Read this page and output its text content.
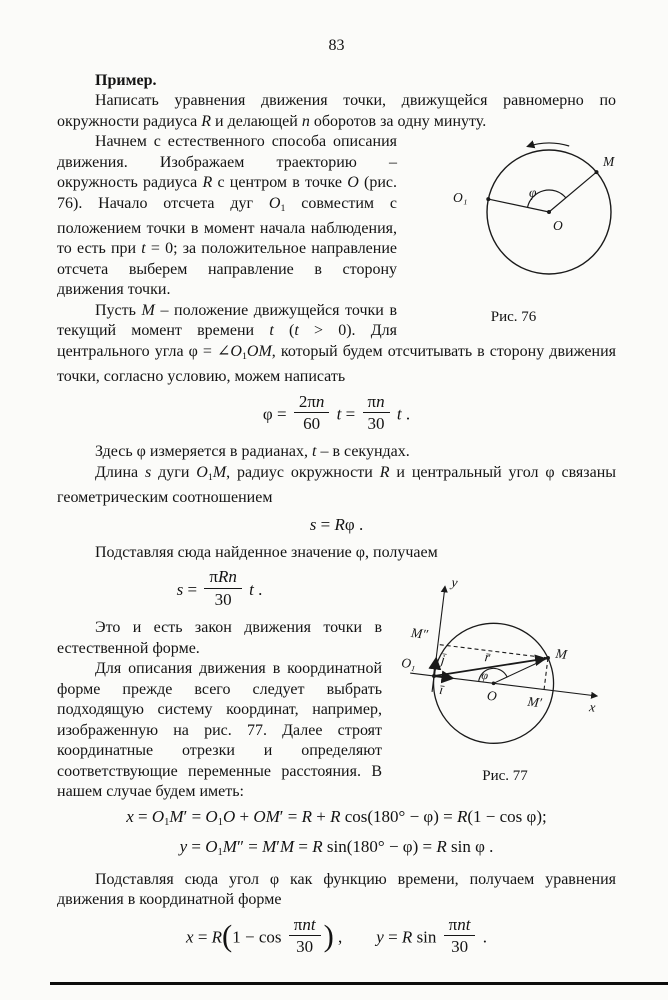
83
Пример.
Написать уравнения движения точки, движущейся равномерно по окружности радиуса R и делающей n оборотов за одну минуту.
O₁
M
O
φ
Рис. 76
Начнем с естественного способа описания движения. Изображаем траекторию – окружность радиуса R с центром в точке O (рис. 76). Начало отсчета дуг O1 совместим с положением точки в момент начала наблюдения, то есть при t = 0; за положительное направление отсчета выберем направление в сторону движения точки.
Пусть M – положение движущейся точки в текущий момент времени t (t > 0). Для центрального угла φ = ∠O1OM, который будем отсчитывать в сторону движения точки, согласно условию, можем написать
$\varphi = \frac{2\pi n}{60}$ $t = \frac{\pi n}{30}$ t .
Здесь φ измеряется в радианах, t – в секундах.
Длина s дуги O1M, радиус окружности R и центральный угол φ связаны геометрическим соотношением
s = Rφ .
Подставляя сюда найденное значение φ, получаем
y
x
M″
M
O₁
O M′
r̄
ī
j̄
φ
Рис. 77
$s = \frac{\text{πRn}}{30}$ t .
Это и есть закон движения точки в естественной форме.
Для описания движения в координатной форме прежде всего следует выбрать подходящую систему координат, например, изображенную на рис. 77. Далее строят координатные отрезки и определяют соответствующие переменные расстояния. В нашем случае будем иметь:
x = O1M′ = O1O + OM′ = R + R cos(180° − φ) = R(1 − cos φ);
y = O1M″ = M′M = R sin(180° − φ) = R sin φ .
Подставляя сюда угол φ как функцию времени, получаем уравнения движения в координатной форме
$x = R(1 - \cos \frac{\text{πnt}}{30}$ ) , y = R $\sin \frac{\text{πnt}}{30}$ .
